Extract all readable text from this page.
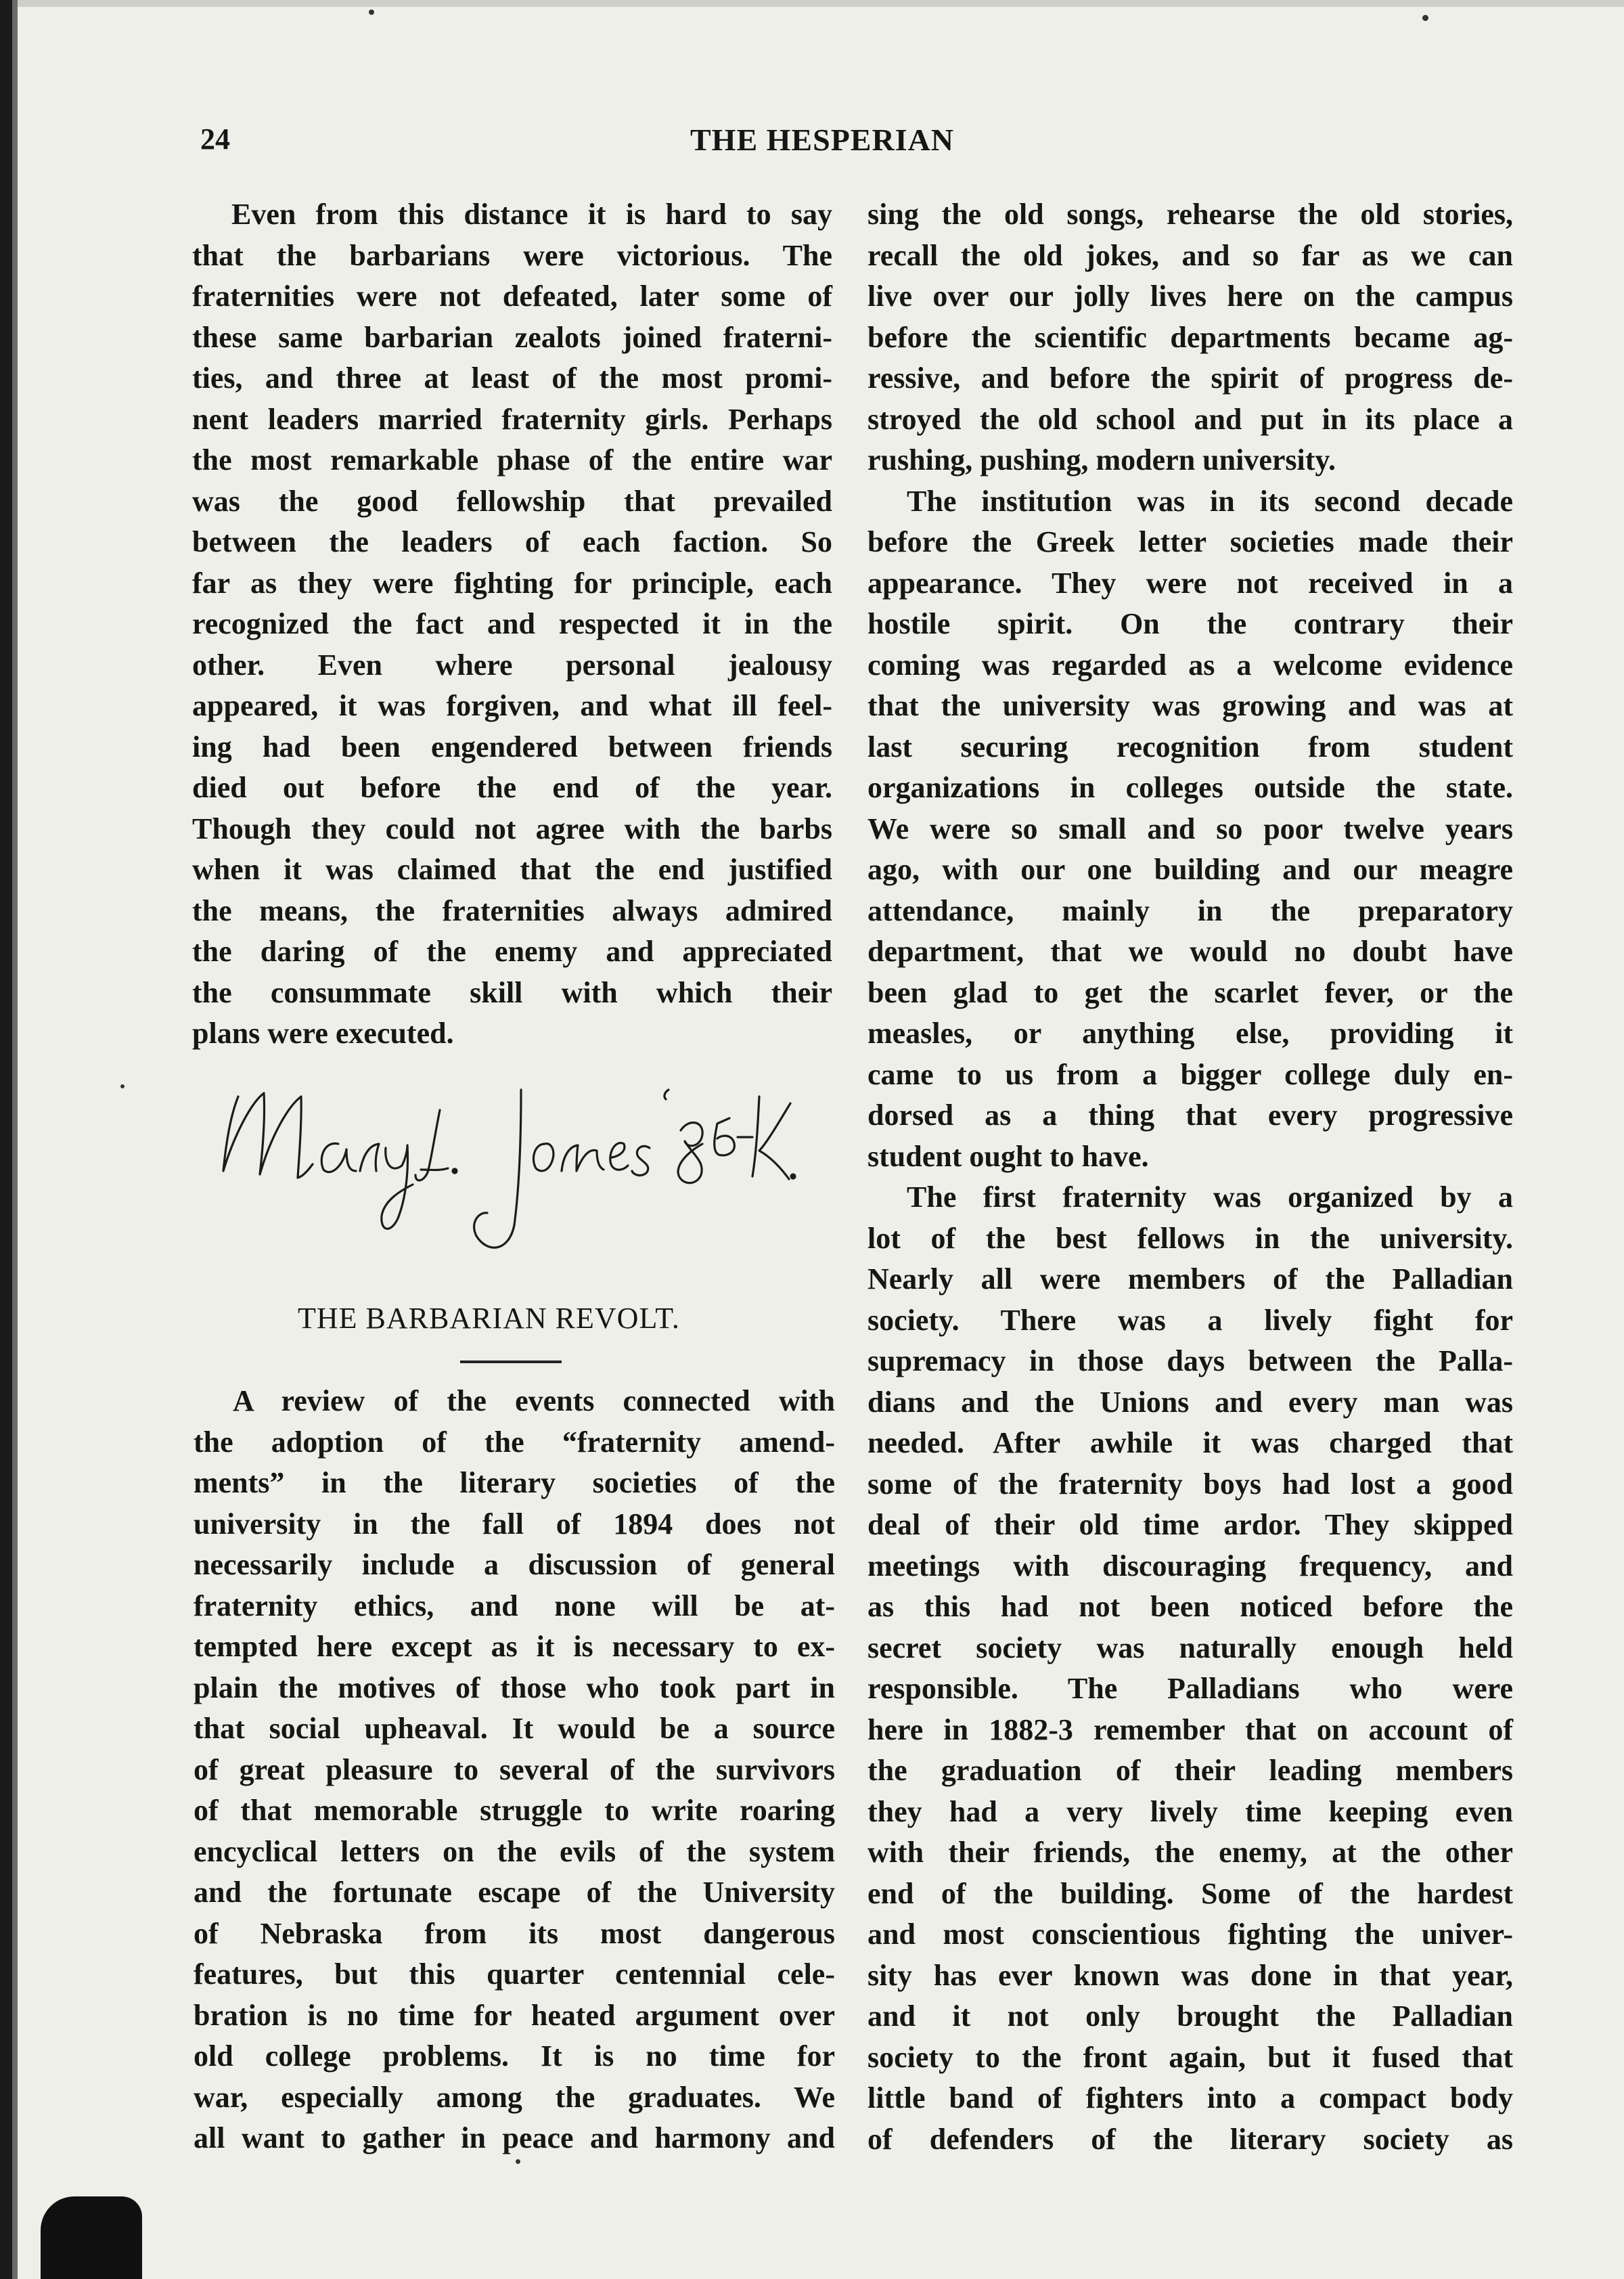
24	THE HESPERIAN

Even from this distance it is hard to say
that the barbarians were victorious. The
fraternities were not defeated, later some of
these same barbarian zealots joined fraterni-
ties, and three at least of the most promi-
nent leaders married fraternity girls. Perhaps
the most remarkable phase of the entire war
was the good fellowship that prevailed
between the leaders of each faction. So
far as they were fighting for principle, each
recognized the fact and respected it in the
other. Even where personal jealousy
appeared, it was forgiven, and what ill feel-
ing had been engendered between friends
died out before the end of the year.
Though they could not agree with the barbs
when it was claimed that the end justified
the means, the fraternities always admired
the daring of the enemy and appreciated
the consummate skill with which their
plans were executed.

THE BARBARIAN REVOLT.

A review of the events connected with
the adoption of the “fraternity amend-
ments” in the literary societies of the
university in the fall of 1894 does not
necessarily include a discussion of general
fraternity ethics, and none will be at-
tempted here except as it is necessary to ex-
plain the motives of those who took part in
that social upheaval. It would be a source
of great pleasure to several of the survivors
of that memorable struggle to write roaring
encyclical letters on the evils of the system
and the fortunate escape of the University
of Nebraska from its most dangerous
features, but this quarter centennial cele-
bration is no time for heated argument over
old college problems. It is no time for
war, especially among the graduates. We
all want to gather in peace and harmony and

sing the old songs, rehearse the old stories,
recall the old jokes, and so far as we can
live over our jolly lives here on the campus
before the scientific departments became ag-
ressive, and before the spirit of progress de-
stroyed the old school and put in its place a
rushing, pushing, modern university.

The institution was in its second decade
before the Greek letter societies made their
appearance. They were not received in a
hostile spirit. On the contrary their
coming was regarded as a welcome evidence
that the university was growing and was at
last securing recognition from student
organizations in colleges outside the state.
We were so small and so poor twelve years
ago, with our one building and our meagre
attendance, mainly in the preparatory
department, that we would no doubt have
been glad to get the scarlet fever, or the
measles, or anything else, providing it
came to us from a bigger college duly en-
dorsed as a thing that every progressive
student ought to have.

The first fraternity was organized by a
lot of the best fellows in the university.
Nearly all were members of the Palladian
society. There was a lively fight for
supremacy in those days between the Palla-
dians and the Unions and every man was
needed. After awhile it was charged that
some of the fraternity boys had lost a good
deal of their old time ardor. They skipped
meetings with discouraging frequency, and
as this had not been noticed before the
secret society was naturally enough held
responsible. The Palladians who were
here in 1882-3 remember that on account of
the graduation of their leading members
they had a very lively time keeping even
with their friends, the enemy, at the other
end of the building. Some of the hardest
and most conscientious fighting the univer-
sity has ever known was done in that year,
and it not only brought the Palladian
society to the front again, but it fused that
little band of fighters into a compact body
of defenders of the literary society as
